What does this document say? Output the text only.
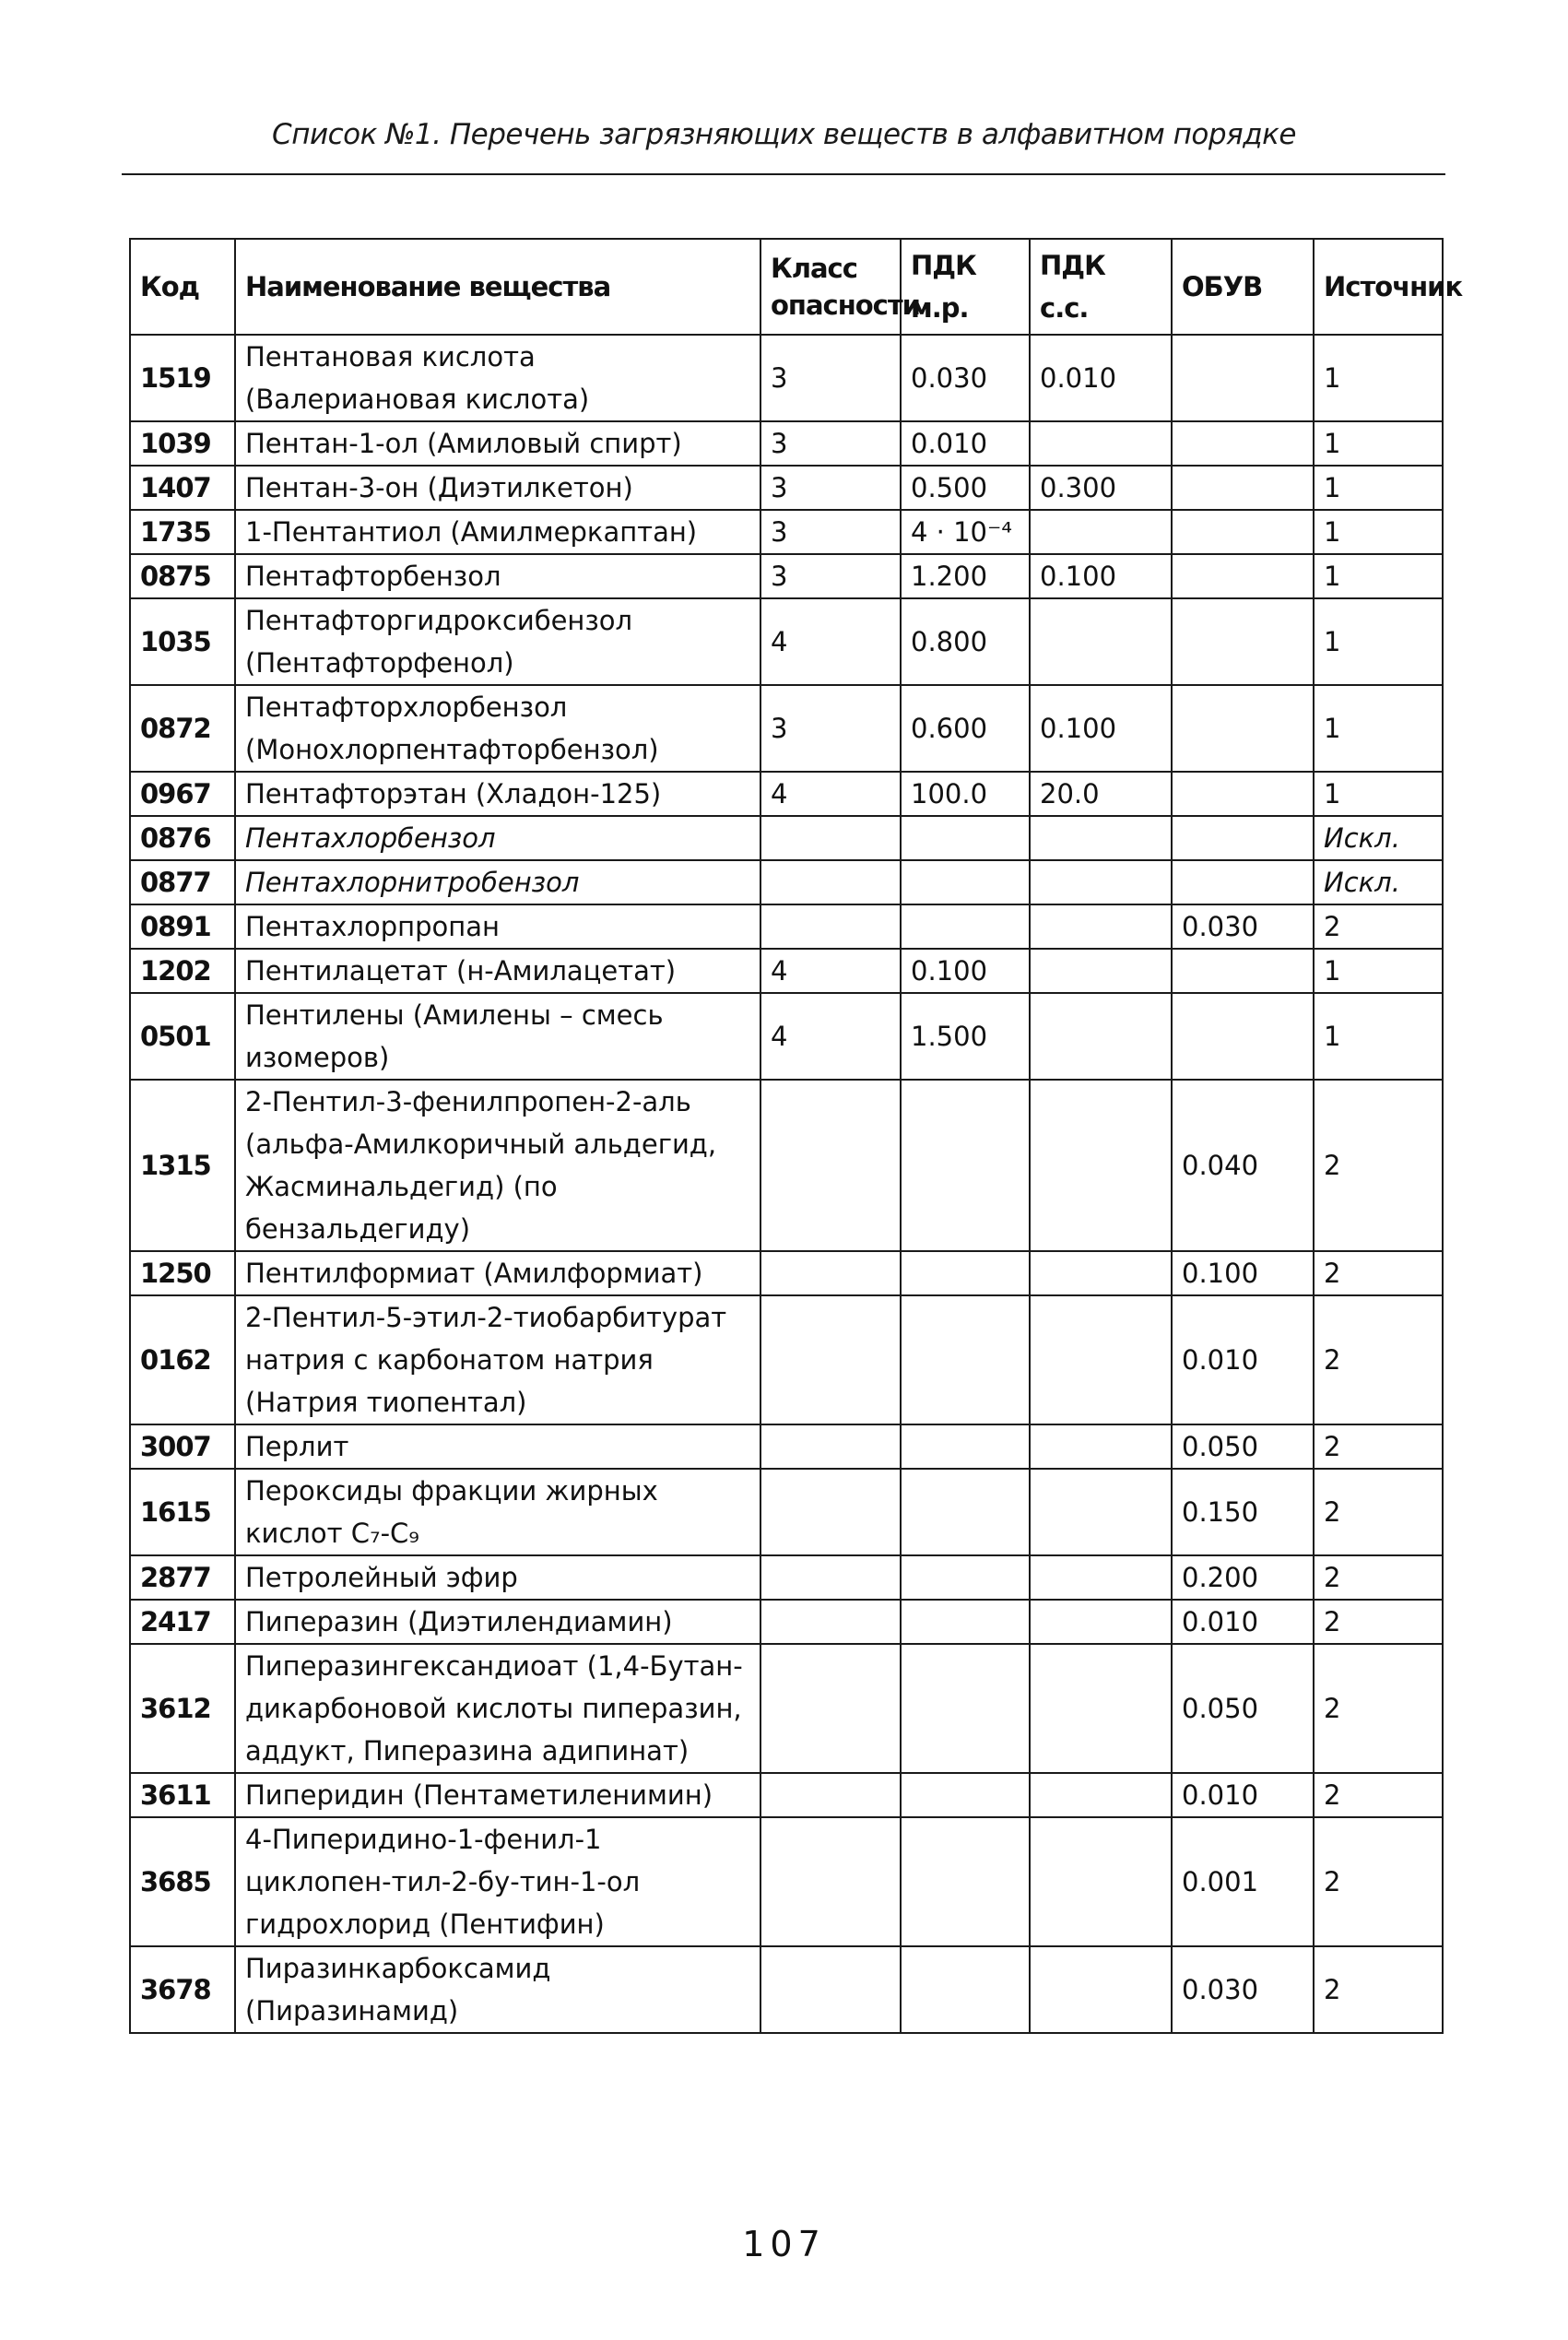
Список №1. Перечень загрязняющих веществ в алфавитном порядке
Код	Наименование вещества	Класс опасности	ПДК м.р.	ПДК с.с.	ОБУВ	Источник
1519	Пентановая кислота (Валериановая кислота)	3	0.030	0.010		1
1039	Пентан-1-ол (Амиловый спирт)	3	0.010			1
1407	Пентан-3-он (Диэтилкетон)	3	0.500	0.300		1
1735	1-Пентантиол (Амилмеркаптан)	3	4 · 10⁻⁴			1
0875	Пентафторбензол	3	1.200	0.100		1
1035	Пентафторгидроксибензол (Пентафторфенол)	4	0.800			1
0872	Пентафторхлорбензол (Монохлорпентафторбензол)	3	0.600	0.100		1
0967	Пентафторэтан (Хладон-125)	4	100.0	20.0		1
0876	Пентахлорбензол					Искл.
0877	Пентахлорнитробензол					Искл.
0891	Пентахлорпропан				0.030	2
1202	Пентилацетат (н-Амилацетат)	4	0.100			1
0501	Пентилены (Амилены – смесь изомеров)	4	1.500			1
1315	2-Пентил-3-фенилпропен-2-аль (альфа-Амилкоричный альдегид, Жасминальдегид) (по бензальдегиду)				0.040	2
1250	Пентилформиат (Амилформиат)				0.100	2
0162	2-Пентил-5-этил-2-тиобарбитурат натрия с карбонатом натрия (Натрия тиопентал)				0.010	2
3007	Перлит				0.050	2
1615	Пероксиды фракции жирных кислот C₇-C₉				0.150	2
2877	Петролейный эфир				0.200	2
2417	Пиперазин (Диэтилендиамин)				0.010	2
3612	Пиперазингександиоат (1,4-Бутан-дикарбоновой кислоты пиперазин, аддукт, Пиперазина адипинат)				0.050	2
3611	Пиперидин (Пентаметиленимин)				0.010	2
3685	4-Пиперидино-1-фенил-1 циклопен-тил-2-бу-тин-1-ол гидрохлорид (Пентифин)				0.001	2
3678	Пиразинкарбоксамид (Пиразинамид)				0.030	2
107
